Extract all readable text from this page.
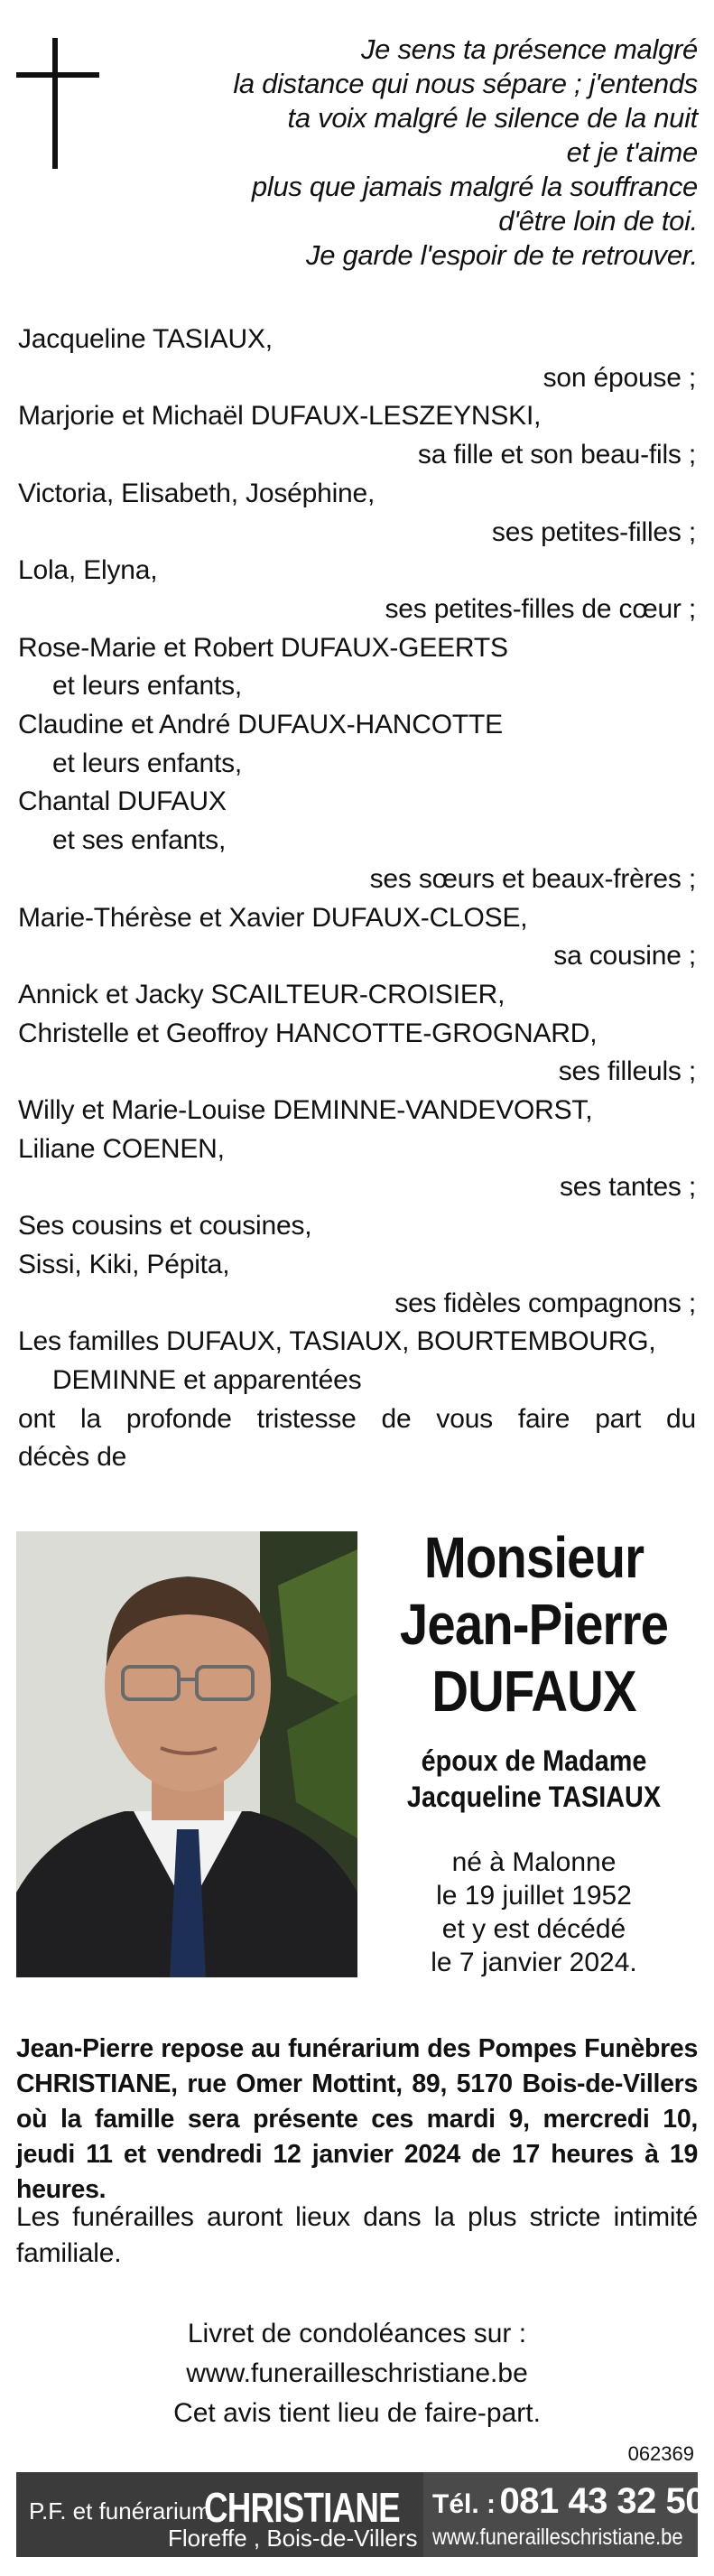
Je sens ta présence malgré
la distance qui nous sépare ; j'entends
ta voix malgré le silence de la nuit
et je t'aime
plus que jamais malgré la souffrance
d'être loin de toi.
Je garde l'espoir de te retrouver.
Jacqueline TASIAUX,
son épouse ;
Marjorie et Michaël DUFAUX-LESZEYNSKI,
sa fille et son beau-fils ;
Victoria, Elisabeth, Joséphine,
ses petites-filles ;
Lola, Elyna,
ses petites-filles de cœur ;
Rose-Marie et Robert DUFAUX-GEERTS
et leurs enfants,
Claudine et André DUFAUX-HANCOTTE
et leurs enfants,
Chantal DUFAUX
et ses enfants,
ses sœurs et beaux-frères ;
Marie-Thérèse et Xavier DUFAUX-CLOSE,
sa cousine ;
Annick et Jacky SCAILTEUR-CROISIER,
Christelle et Geoffroy HANCOTTE-GROGNARD,
ses filleuls ;
Willy et Marie-Louise DEMINNE-VANDEVORST,
Liliane COENEN,
ses tantes ;
Ses cousins et cousines,
Sissi, Kiki, Pépita,
ses fidèles compagnons ;
Les familles DUFAUX, TASIAUX, BOURTEMBOURG,
DEMINNE et apparentées
ont la profonde tristesse de vous faire part du
décès de
Monsieur
Jean-Pierre
DUFAUX
époux de Madame
Jacqueline TASIAUX
né à Malonne
le 19 juillet 1952
et y est décédé
le 7 janvier 2024.
Jean-Pierre repose au funérarium des Pompes Funèbres CHRISTIANE, rue Omer Mottint, 89, 5170 Bois-de-Villers où la famille sera présente ces mardi 9, mercredi 10, jeudi 11 et vendredi 12 janvier 2024 de 17 heures à 19 heures.
Les funérailles auront lieux dans la plus stricte intimité familiale.
Livret de condoléances sur :
www.funerailleschristiane.be
Cet avis tient lieu de faire-part.
062369
P.F. et funérarium
CHRISTIANE
Floreffe , Bois-de-Villers
Tél. : 081 43 32 50
www.funerailleschristiane.be
